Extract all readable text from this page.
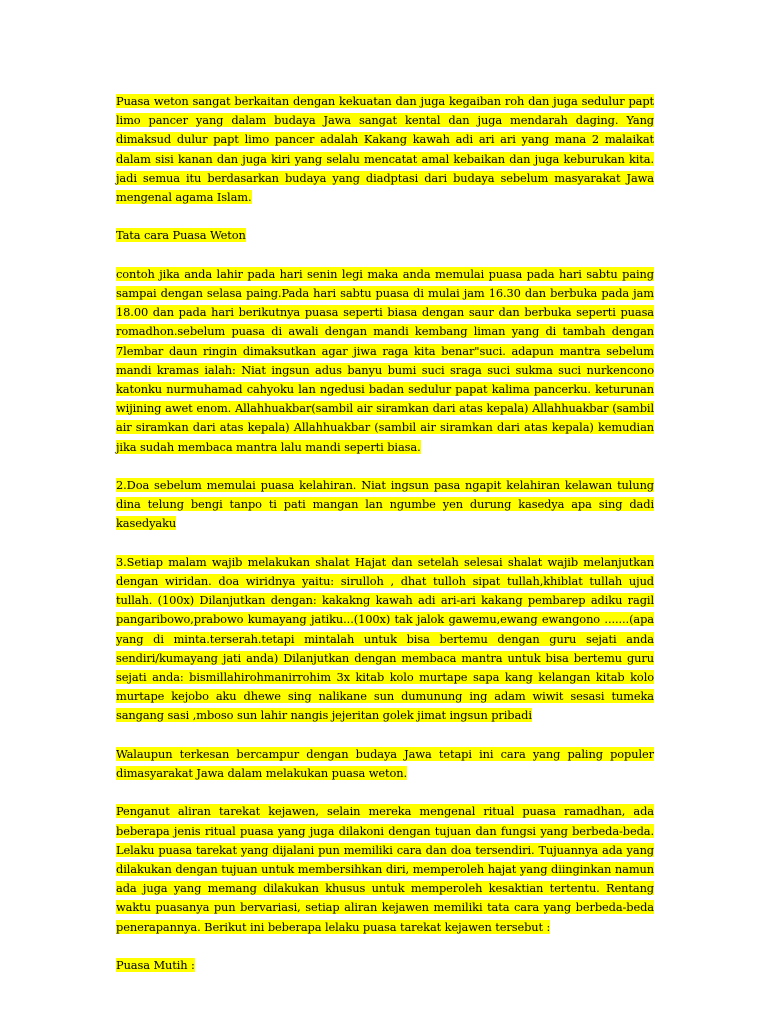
Puasa weton sangat berkaitan dengan kekuatan dan juga kegaiban roh dan juga sedulur papt limo pancer yang dalam budaya Jawa sangat kental dan juga mendarah daging. Yang dimaksud dulur papt limo pancer adalah Kakang kawah adi ari ari yang mana 2 malaikat dalam sisi kanan dan juga kiri yang selalu mencatat amal kebaikan dan juga keburukan kita. jadi semua itu berdasarkan budaya yang diadptasi dari budaya sebelum masyarakat Jawa mengenal agama Islam.

Tata cara Puasa Weton

contoh jika anda lahir pada hari senin legi maka anda memulai puasa pada hari sabtu paing sampai dengan selasa paing.Pada hari sabtu puasa di mulai jam 16.30 dan berbuka pada jam 18.00 dan pada hari berikutnya puasa seperti biasa dengan saur dan berbuka seperti puasa romadhon.sebelum puasa di awali dengan mandi kembang liman yang di tambah dengan 7lembar daun ringin dimaksutkan agar jiwa raga kita benar"suci. adapun mantra sebelum mandi kramas ialah: Niat ingsun adus banyu bumi suci sraga suci sukma suci nurkencono katonku nurmuhamad cahyoku lan ngedusi badan sedulur papat kalima pancerku. keturunan wijining awet enom. Allahhuakbar(sambil air siramkan dari atas kepala) Allahhuakbar (sambil air siramkan dari atas kepala) Allahhuakbar (sambil air siramkan dari atas kepala) kemudian jika sudah membaca mantra lalu mandi seperti biasa.

2.Doa sebelum memulai puasa kelahiran. Niat ingsun pasa ngapit kelahiran kelawan tulung dina telung bengi tanpo ti pati mangan lan ngumbe yen durung kasedya apa sing dadi kasedyaku

3.Setiap malam wajib melakukan shalat Hajat dan setelah selesai shalat wajib melanjutkan dengan wiridan. doa wiridnya yaitu: sirulloh , dhat tulloh sipat tullah,khiblat tullah ujud tullah. (100x) Dilanjutkan dengan: kakakng kawah adi ari-ari kakang pembarep adiku ragil pangaribowo,prabowo kumayang jatiku...(100x) tak jalok gawemu,ewang ewangono .......(apa yang di minta.terserah.tetapi mintalah untuk bisa bertemu dengan guru sejati anda sendiri/kumayang jati anda) Dilanjutkan dengan membaca mantra untuk bisa bertemu guru sejati anda: bismillahirohmanirrohim 3x kitab kolo murtape sapa kang kelangan kitab kolo murtape kejobo aku dhewe sing nalikane sun dumunung ing adam wiwit sesasi tumeka sangang sasi ,mboso sun lahir nangis jejeritan golek jimat ingsun pribadi

Walaupun terkesan bercampur dengan budaya Jawa tetapi ini cara yang paling populer dimasyarakat Jawa dalam melakukan puasa weton.

Penganut aliran tarekat kejawen, selain mereka mengenal ritual puasa ramadhan, ada beberapa jenis ritual puasa yang juga dilakoni dengan tujuan dan fungsi yang berbeda-beda. Lelaku puasa tarekat yang dijalani pun memiliki cara dan doa tersendiri. Tujuannya ada yang dilakukan dengan tujuan untuk membersihkan diri, memperoleh hajat yang diinginkan namun ada juga yang memang dilakukan khusus untuk memperoleh kesaktian tertentu. Rentang waktu puasanya pun bervariasi, setiap aliran kejawen memiliki tata cara yang berbeda-beda penerapannya. Berikut ini beberapa lelaku puasa tarekat kejawen tersebut :

Puasa Mutih :
